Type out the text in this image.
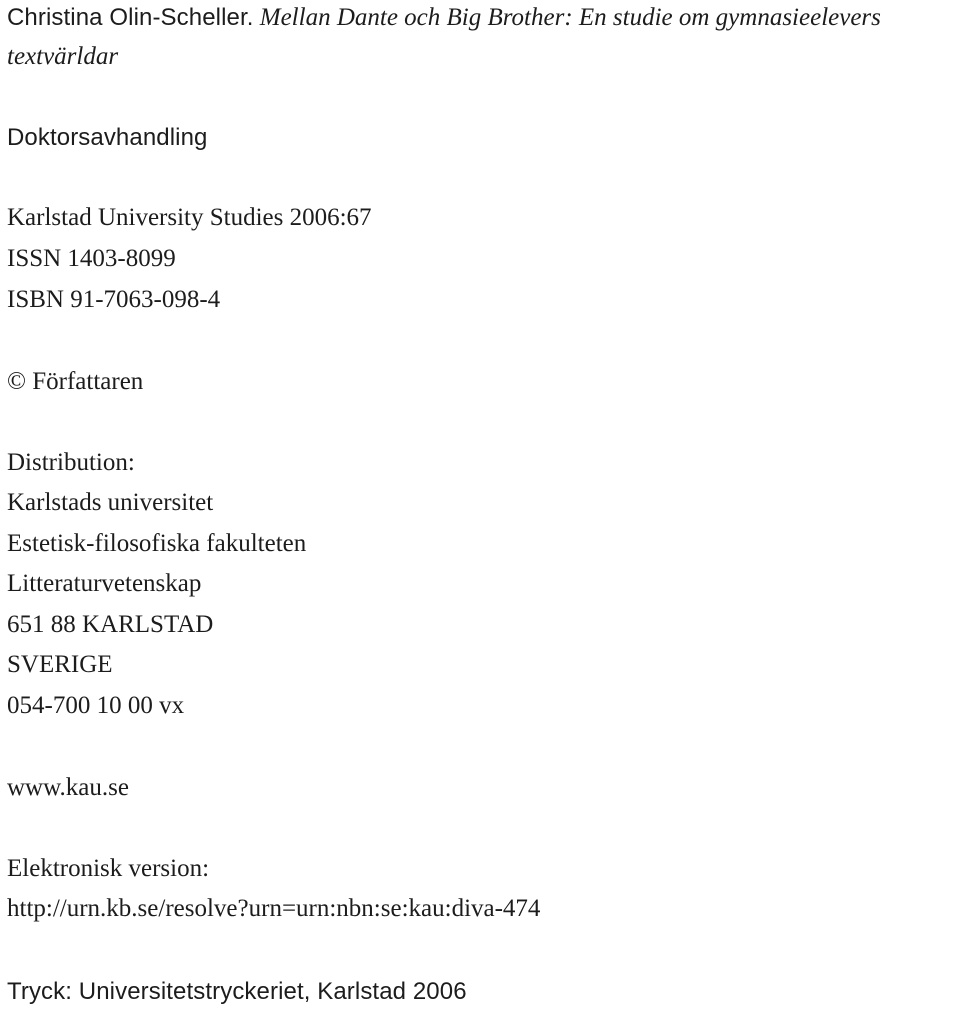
Christina Olin-Scheller. Mellan Dante och Big Brother: En studie om gymnasieelevers
textvärldar
Doktorsavhandling
Karlstad University Studies 2006:67
ISSN 1403-8099
ISBN 91-7063-098-4
© Författaren
Distribution:
Karlstads universitet
Estetisk-filosofiska fakulteten
Litteraturvetenskap
651 88 KARLSTAD
SVERIGE
054-700 10 00 vx
www.kau.se
Elektronisk version:
http://urn.kb.se/resolve?urn=urn:nbn:se:kau:diva-474
Tryck: Universitetstryckeriet, Karlstad 2006
